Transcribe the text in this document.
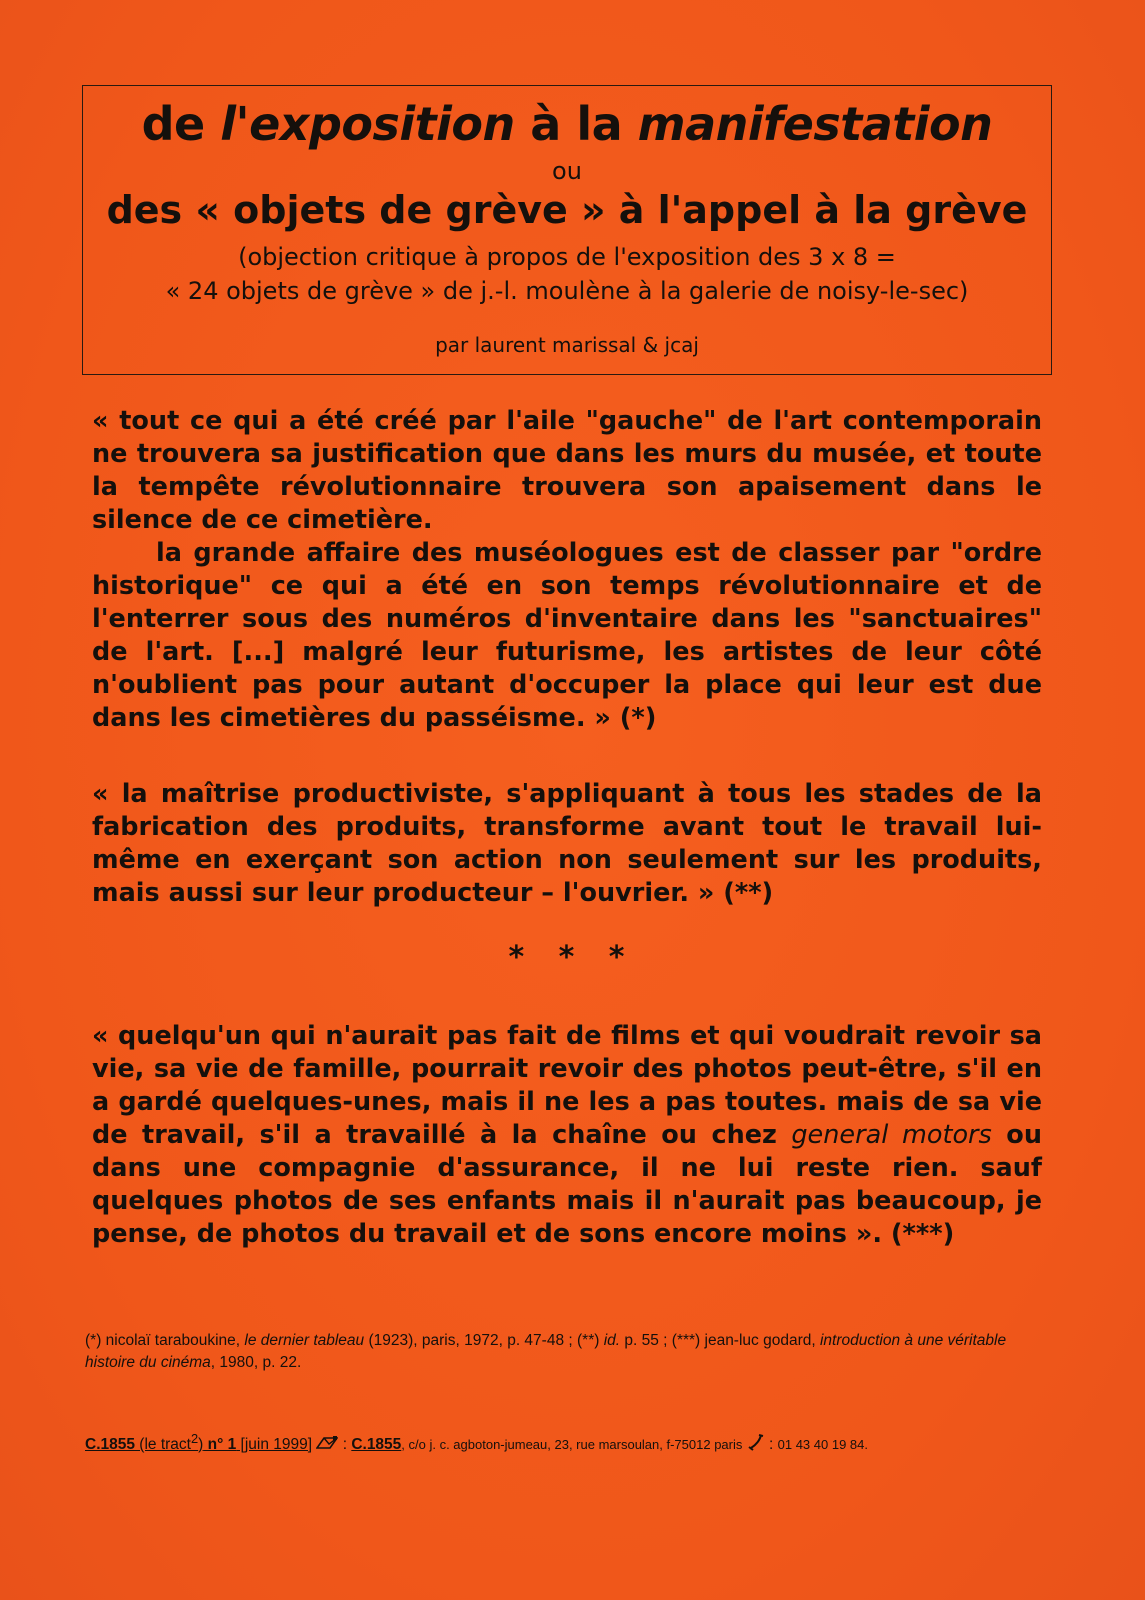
de l'exposition à la manifestation
ou
des « objets de grève » à l'appel à la grève
(objection critique à propos de l'exposition des 3 x 8 =
« 24 objets de grève » de j.-l. moulène à la galerie de noisy-le-sec)
par laurent marissal & jcaj

« tout ce qui a été créé par l'aile "gauche" de l'art contemporain ne trouvera sa justification que dans les murs du musée, et toute la tempête révolutionnaire trouvera son apaisement dans le silence de ce cimetière.

la grande affaire des muséologues est de classer par "ordre historique" ce qui a été en son temps révolutionnaire et de l'enterrer sous des numéros d'inventaire dans les "sanctuaires" de l'art. [...] malgré leur futurisme, les artistes de leur côté n'oublient pas pour autant d'occuper la place qui leur est due dans les cimetières du passéisme. » (*)

« la maîtrise productiviste, s'appliquant à tous les stades de la fabrication des produits, transforme avant tout le travail lui-même en exerçant son action non seulement sur les produits, mais aussi sur leur producteur – l'ouvrier. » (**)

* * *

« quelqu'un qui n'aurait pas fait de films et qui voudrait revoir sa vie, sa vie de famille, pourrait revoir des photos peut-être, s'il en a gardé quelques-unes, mais il ne les a pas toutes. mais de sa vie de travail, s'il a travaillé à la chaîne ou chez general motors ou dans une compagnie d'assurance, il ne lui reste rien. sauf quelques photos de ses enfants mais il n'aurait pas beaucoup, je pense, de photos du travail et de sons encore moins ». (***)

(*) nicolaï taraboukine, le dernier tableau (1923), paris, 1972, p. 47-48 ; (**) id. p. 55 ; (***) jean-luc godard, introduction à une véritable histoire du cinéma, 1980, p. 22.
C.1855 (le tract$^2$) n° 1 [juin 1999]  : C.1855, c/o j. c. agboton-jumeau, 23, rue marsoulan, f-75012 paris  : 01 43 40 19 84.
